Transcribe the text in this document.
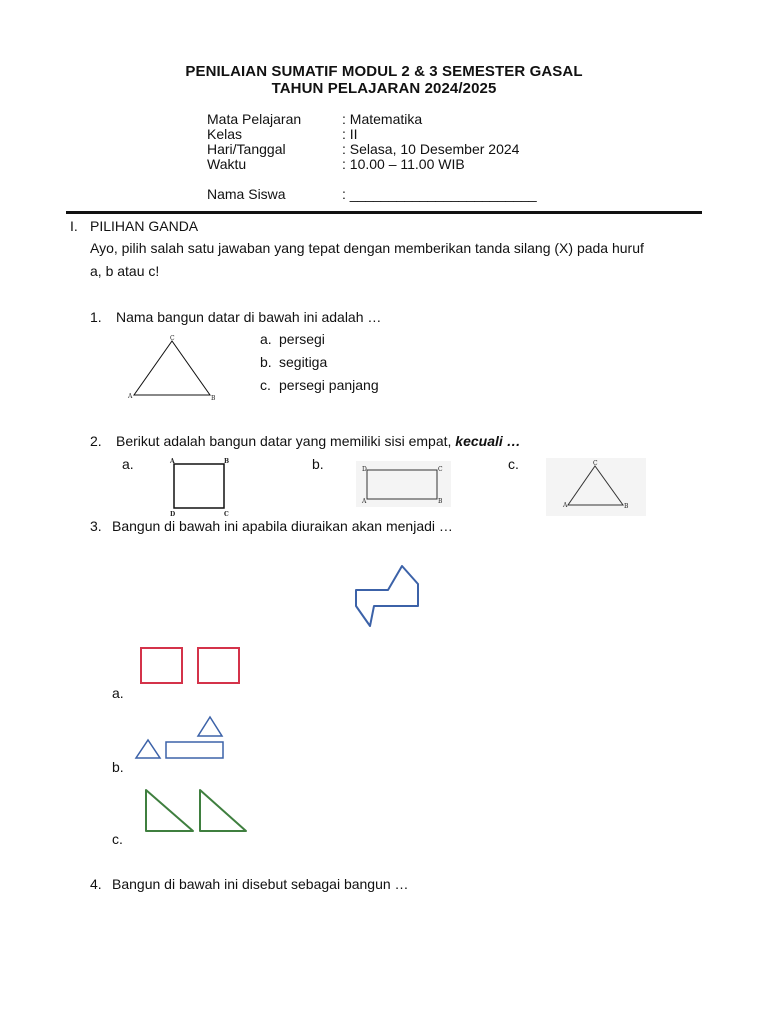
PENILAIAN SUMATIF MODUL 2 & 3 SEMESTER GASAL
TAHUN PELAJARAN 2024/2025
Mata Pelajaran	: Matematika
Kelas	: II
Hari/Tanggal	: Selasa, 10 Desember 2024
Waktu	: 10.00 – 11.00 WIB
Nama Siswa	: ________________________
I. PILIHAN GANDA
Ayo, pilih salah satu jawaban yang tepat dengan memberikan tanda silang (X) pada huruf
a, b atau c!
1. Nama bangun datar di bawah ini adalah …
A	B
C	a. persegi
b. segitiga
c. persegi panjang
2. Berikut adalah bangun datar yang memiliki sisi empat, kecuali …
a.	A	B
C
D
b.	D	C
A	B
c.	C
A	B
3. Bangun di bawah ini apabila diuraikan akan menjadi …
a.
b.
c.
4. Bangun di bawah ini disebut sebagai bangun …
